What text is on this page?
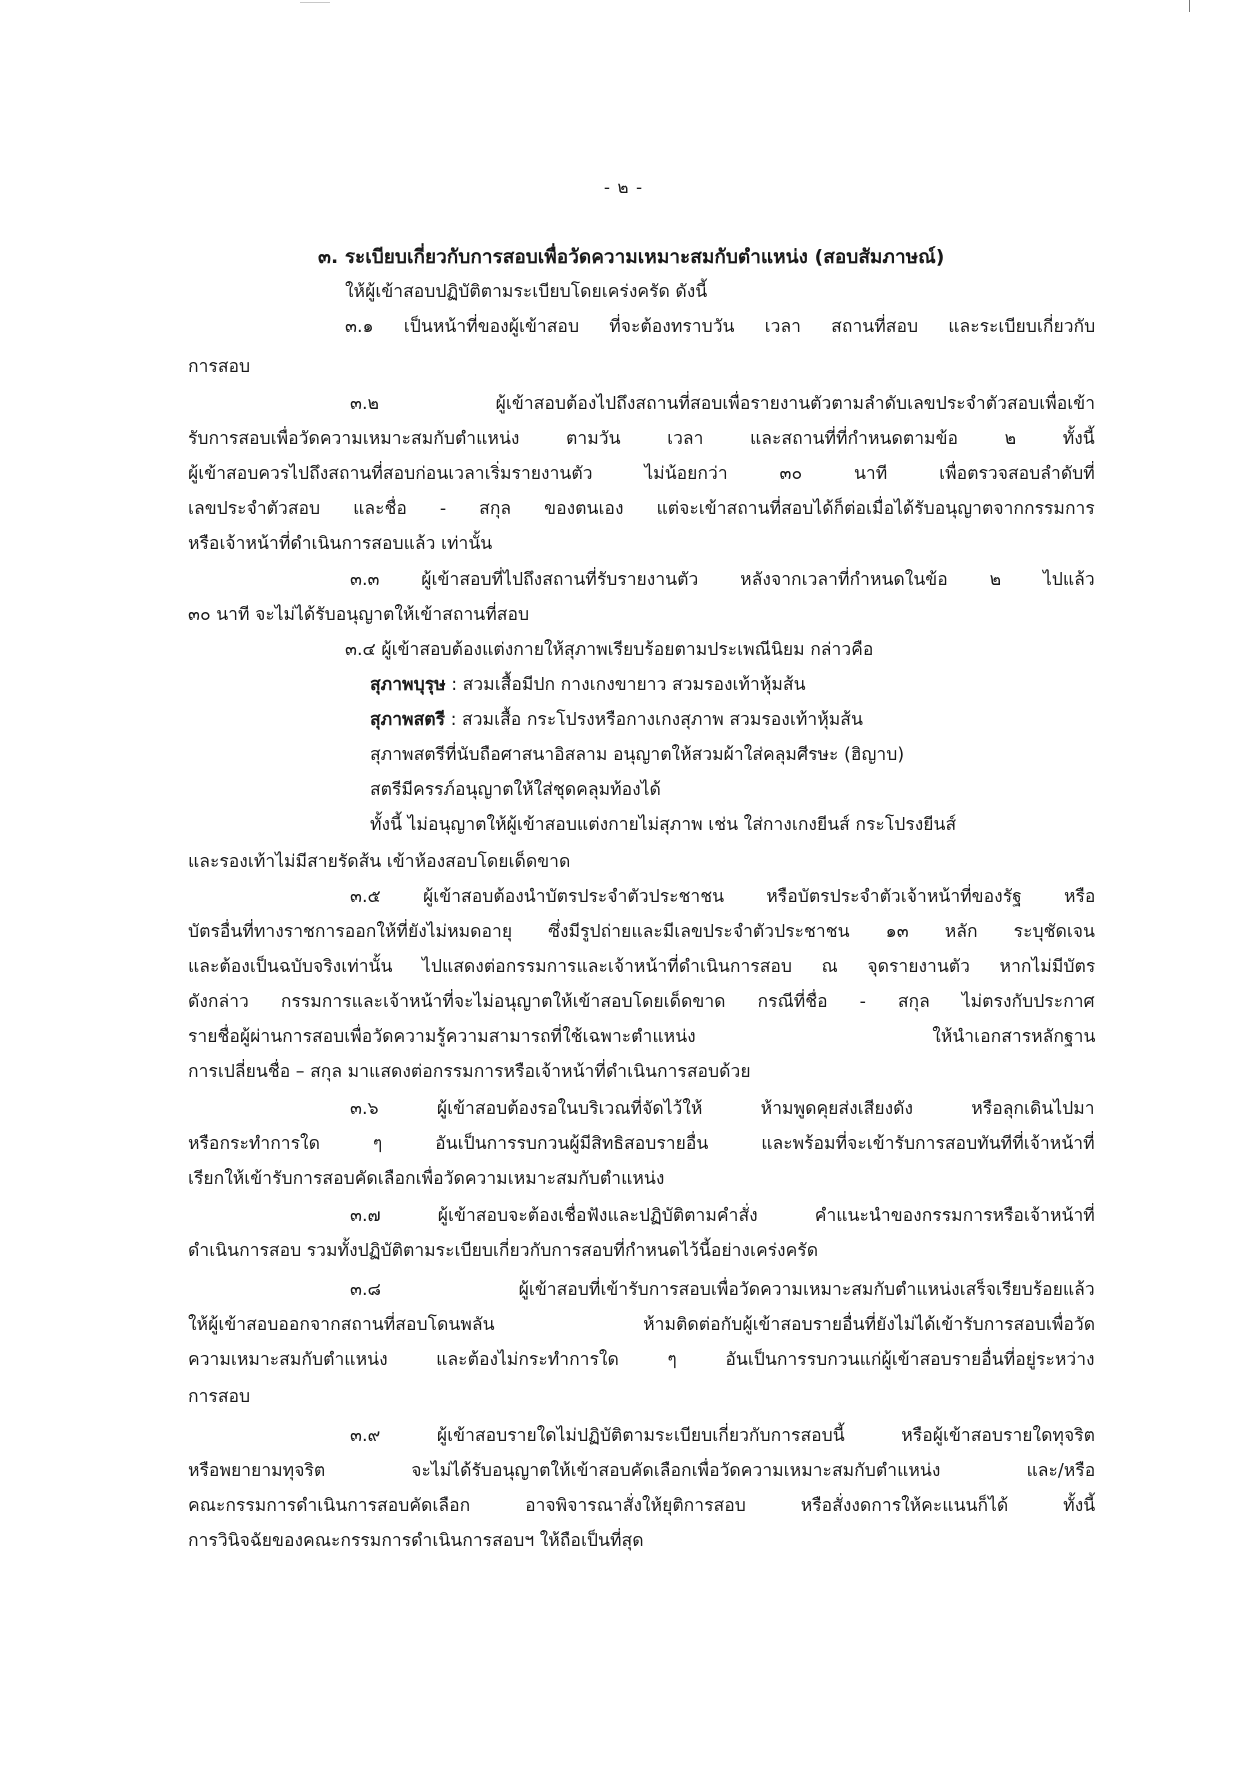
- ๒ -
๓. ระเบียบเกี่ยวกับการสอบเพื่อวัดความเหมาะสมกับตำแหน่ง (สอบสัมภาษณ์)
ให้ผู้เข้าสอบปฏิบัติตามระเบียบโดยเคร่งครัด ดังนี้
๓.๑ เป็นหน้าที่ของผู้เข้าสอบ ที่จะต้องทราบวัน เวลา สถานที่สอบ และระเบียบเกี่ยวกับ
การสอบ
๓.๒ ผู้เข้าสอบต้องไปถึงสถานที่สอบเพื่อรายงานตัวตามลำดับเลขประจำตัวสอบเพื่อเข้า
รับการสอบเพื่อวัดความเหมาะสมกับตำแหน่ง ตามวัน เวลา และสถานที่ที่กำหนดตามข้อ ๒ ทั้งนี้
ผู้เข้าสอบควรไปถึงสถานที่สอบก่อนเวลาเริ่มรายงานตัว ไม่น้อยกว่า ๓๐ นาที เพื่อตรวจสอบลำดับที่
เลขประจำตัวสอบ และชื่อ - สกุล ของตนเอง แต่จะเข้าสถานที่สอบได้ก็ต่อเมื่อได้รับอนุญาตจากกรรมการ
หรือเจ้าหน้าที่ดำเนินการสอบแล้ว เท่านั้น
๓.๓ ผู้เข้าสอบที่ไปถึงสถานที่รับรายงานตัว หลังจากเวลาที่กำหนดในข้อ ๒ ไปแล้ว
๓๐ นาที จะไม่ได้รับอนุญาตให้เข้าสถานที่สอบ
๓.๔ ผู้เข้าสอบต้องแต่งกายให้สุภาพเรียบร้อยตามประเพณีนิยม กล่าวคือ
สุภาพบุรุษ : สวมเสื้อมีปก กางเกงขายาว สวมรองเท้าหุ้มส้น
สุภาพสตรี : สวมเสื้อ กระโปรงหรือกางเกงสุภาพ สวมรองเท้าหุ้มส้น
สุภาพสตรีที่นับถือศาสนาอิสลาม อนุญาตให้สวมผ้าใส่คลุมศีรษะ (ฮิญาบ)
สตรีมีครรภ์อนุญาตให้ใส่ชุดคลุมท้องได้
ทั้งนี้ ไม่อนุญาตให้ผู้เข้าสอบแต่งกายไม่สุภาพ เช่น ใส่กางเกงยีนส์ กระโปรงยีนส์
และรองเท้าไม่มีสายรัดส้น เข้าห้องสอบโดยเด็ดขาด
๓.๕ ผู้เข้าสอบต้องนำบัตรประจำตัวประชาชน หรือบัตรประจำตัวเจ้าหน้าที่ของรัฐ หรือ
บัตรอื่นที่ทางราชการออกให้ที่ยังไม่หมดอายุ ซึ่งมีรูปถ่ายและมีเลขประจำตัวประชาชน ๑๓ หลัก ระบุชัดเจน
และต้องเป็นฉบับจริงเท่านั้น ไปแสดงต่อกรรมการและเจ้าหน้าที่ดำเนินการสอบ ณ จุดรายงานตัว หากไม่มีบัตร
ดังกล่าว กรรมการและเจ้าหน้าที่จะไม่อนุญาตให้เข้าสอบโดยเด็ดขาด กรณีที่ชื่อ - สกุล ไม่ตรงกับประกาศ
รายชื่อผู้ผ่านการสอบเพื่อวัดความรู้ความสามารถที่ใช้เฉพาะตำแหน่ง ให้นำเอกสารหลักฐาน
การเปลี่ยนชื่อ – สกุล มาแสดงต่อกรรมการหรือเจ้าหน้าที่ดำเนินการสอบด้วย
๓.๖ ผู้เข้าสอบต้องรอในบริเวณที่จัดไว้ให้ ห้ามพูดคุยส่งเสียงดัง หรือลุกเดินไปมา
หรือกระทำการใด ๆ อันเป็นการรบกวนผู้มีสิทธิสอบรายอื่น และพร้อมที่จะเข้ารับการสอบทันทีที่เจ้าหน้าที่
เรียกให้เข้ารับการสอบคัดเลือกเพื่อวัดความเหมาะสมกับตำแหน่ง
๓.๗ ผู้เข้าสอบจะต้องเชื่อฟังและปฏิบัติตามคำสั่ง คำแนะนำของกรรมการหรือเจ้าหน้าที่
ดำเนินการสอบ รวมทั้งปฏิบัติตามระเบียบเกี่ยวกับการสอบที่กำหนดไว้นี้อย่างเคร่งครัด
๓.๘ ผู้เข้าสอบที่เข้ารับการสอบเพื่อวัดความเหมาะสมกับตำแหน่งเสร็จเรียบร้อยแล้ว
ให้ผู้เข้าสอบออกจากสถานที่สอบโดนพลัน ห้ามติดต่อกับผู้เข้าสอบรายอื่นที่ยังไม่ได้เข้ารับการสอบเพื่อวัด
ความเหมาะสมกับตำแหน่ง และต้องไม่กระทำการใด ๆ อันเป็นการรบกวนแก่ผู้เข้าสอบรายอื่นที่อยู่ระหว่าง
การสอบ
๓.๙ ผู้เข้าสอบรายใดไม่ปฏิบัติตามระเบียบเกี่ยวกับการสอบนี้ หรือผู้เข้าสอบรายใดทุจริต
หรือพยายามทุจริต จะไม่ได้รับอนุญาตให้เข้าสอบคัดเลือกเพื่อวัดความเหมาะสมกับตำแหน่ง และ/หรือ
คณะกรรมการดำเนินการสอบคัดเลือก อาจพิจารณาสั่งให้ยุติการสอบ หรือสั่งงดการให้คะแนนก็ได้ ทั้งนี้
การวินิจฉัยของคณะกรรมการดำเนินการสอบฯ ให้ถือเป็นที่สุด
